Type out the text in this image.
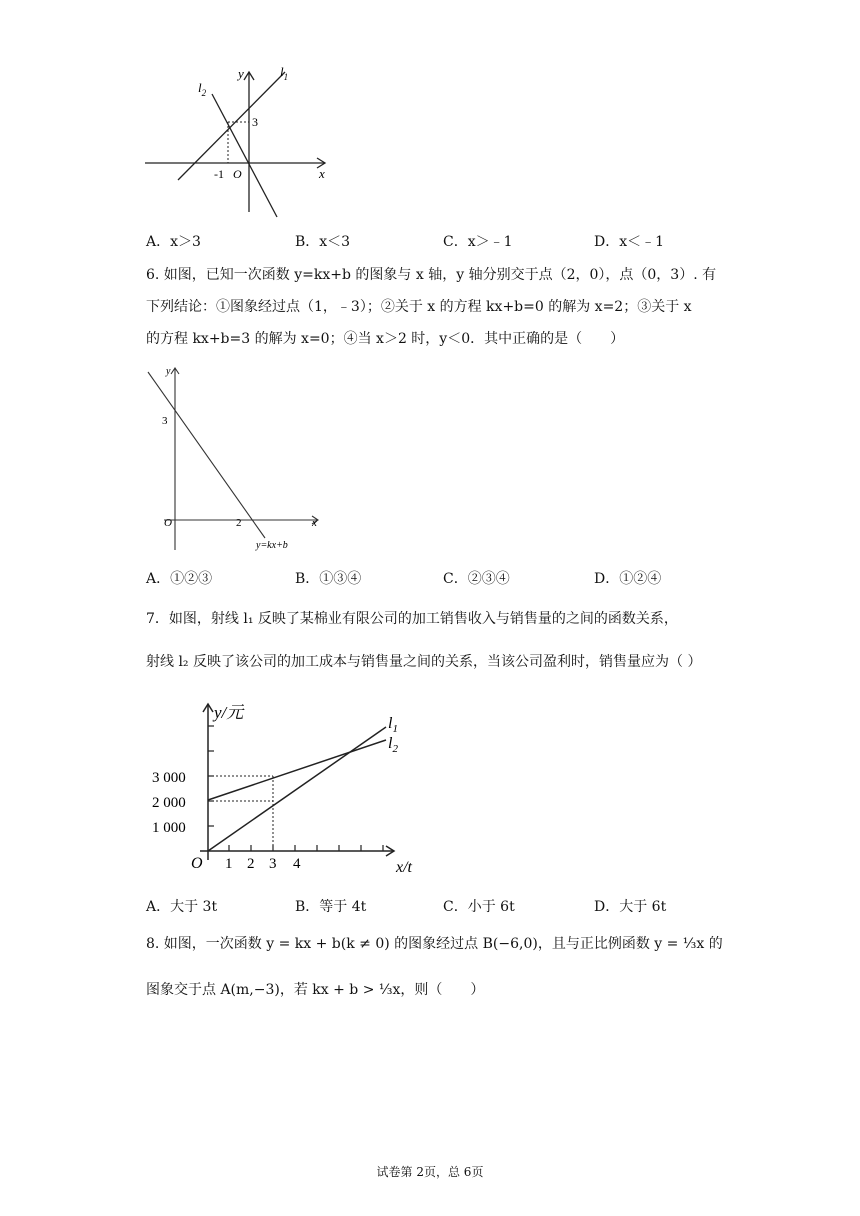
$l_2$
y	$l_1$
3
-1 O	x
A．x＞3	B．x＜3	C．x＞﹣1	D．x＜﹣1
6. 如图，已知一次函数 y=kx+b 的图象与 x 轴，y 轴分别交于点（2，0），点（0，3）. 有
下列结论：①图象经过点（1，﹣3）；②关于 x 的方程 kx+b=0 的解为 x=2；③关于 x
的方程 kx+b=3 的解为 x=0；④当 x＞2 时，y＜0．其中正确的是（　　）
y
3
O	2	x
y=kx+b
A．①②③	B．①③④	C．②③④	D．①②④
7．如图，射线 l₁ 反映了某棉业有限公司的加工销售收入与销售量的之间的函数关系，
射线 l₂ 反映了该公司的加工成本与销售量之间的关系，当该公司盈利时，销售量应为（ ）
y/元
$l_1$
$l_2$
3 000
2 000
1 000
O 1 2 3 4	x/t
A．大于 3t	B．等于 4t	C．小于 6t	D．大于 6t
8. 如图，一次函数 y = kx + b(k ≠ 0) 的图象经过点 B(−6,0)，且与正比例函数 y = ⅓x 的
图象交于点 A(m,−3)，若 kx + b > ⅓x，则（　　）
试卷第 2页，总 6页
